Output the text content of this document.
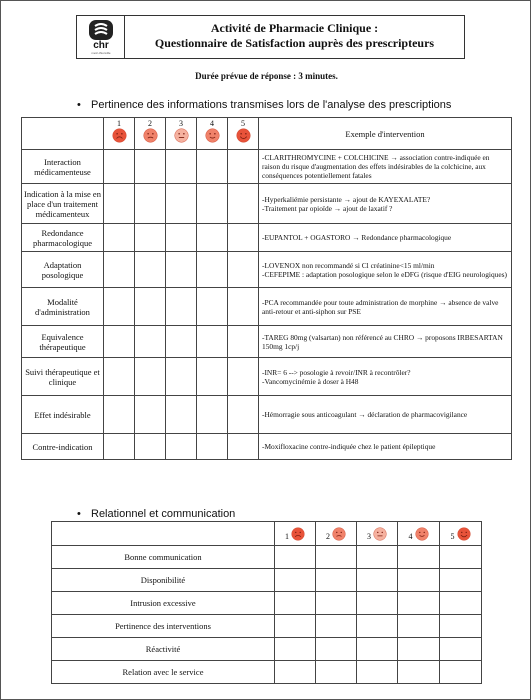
chr
metz-thionville
Activité de Pharmacie Clinique :
Questionnaire de Satisfaction auprès des prescripteurs
Durée prévue de réponse : 3 minutes.
• Pertinence des informations transmises lors de l'analyse des prescriptions

	1	2	3	4	5	Exemple d'intervention
Interaction médicamenteuse						-CLARITHROMYCINE + COLCHICINE → association contre-indiquée en raison du risque d'augmentation des effets indésirables de la colchicine, aux conséquences potentiellement fatales
Indication à la mise en place d'un traitement médicamenteux						-Hyperkaliémie persistante → ajout de KAYEXALATE?
-Traitement par opioïde → ajout de laxatif ?
Redondance pharmacologique						-EUPANTOL + OGASTORO → Redondance pharmacologique
Adaptation posologique						-LOVENOX non recommandé si Cl créatinine<15 ml/min
-CEFEPIME : adaptation posologique selon le eDFG (risque d'EIG neurologiques)
Modalité d'administration						-PCA recommandée pour toute administration de morphine → absence de valve anti-retour et anti-siphon sur PSE
Equivalence thérapeutique						-TAREG 80mg (valsartan) non référencé au CHRO → proposons IRBESARTAN 150mg 1cp/j
Suivi thérapeutique et clinique						-INR= 6 --> posologie à revoir/INR à recontrôler?
-Vancomycinémie à doser à H48
Effet indésirable						-Hémorragie sous anticoagulant → déclaration de pharmacovigilance
Contre-indication						-Moxifloxacine contre-indiquée chez le patient épileptique
• Relationnel et communication
	1	2	3	4	5
Bonne communication					
Disponibilité					
Intrusion excessive					
Pertinence des interventions					
Réactivité					
Relation avec le service					
